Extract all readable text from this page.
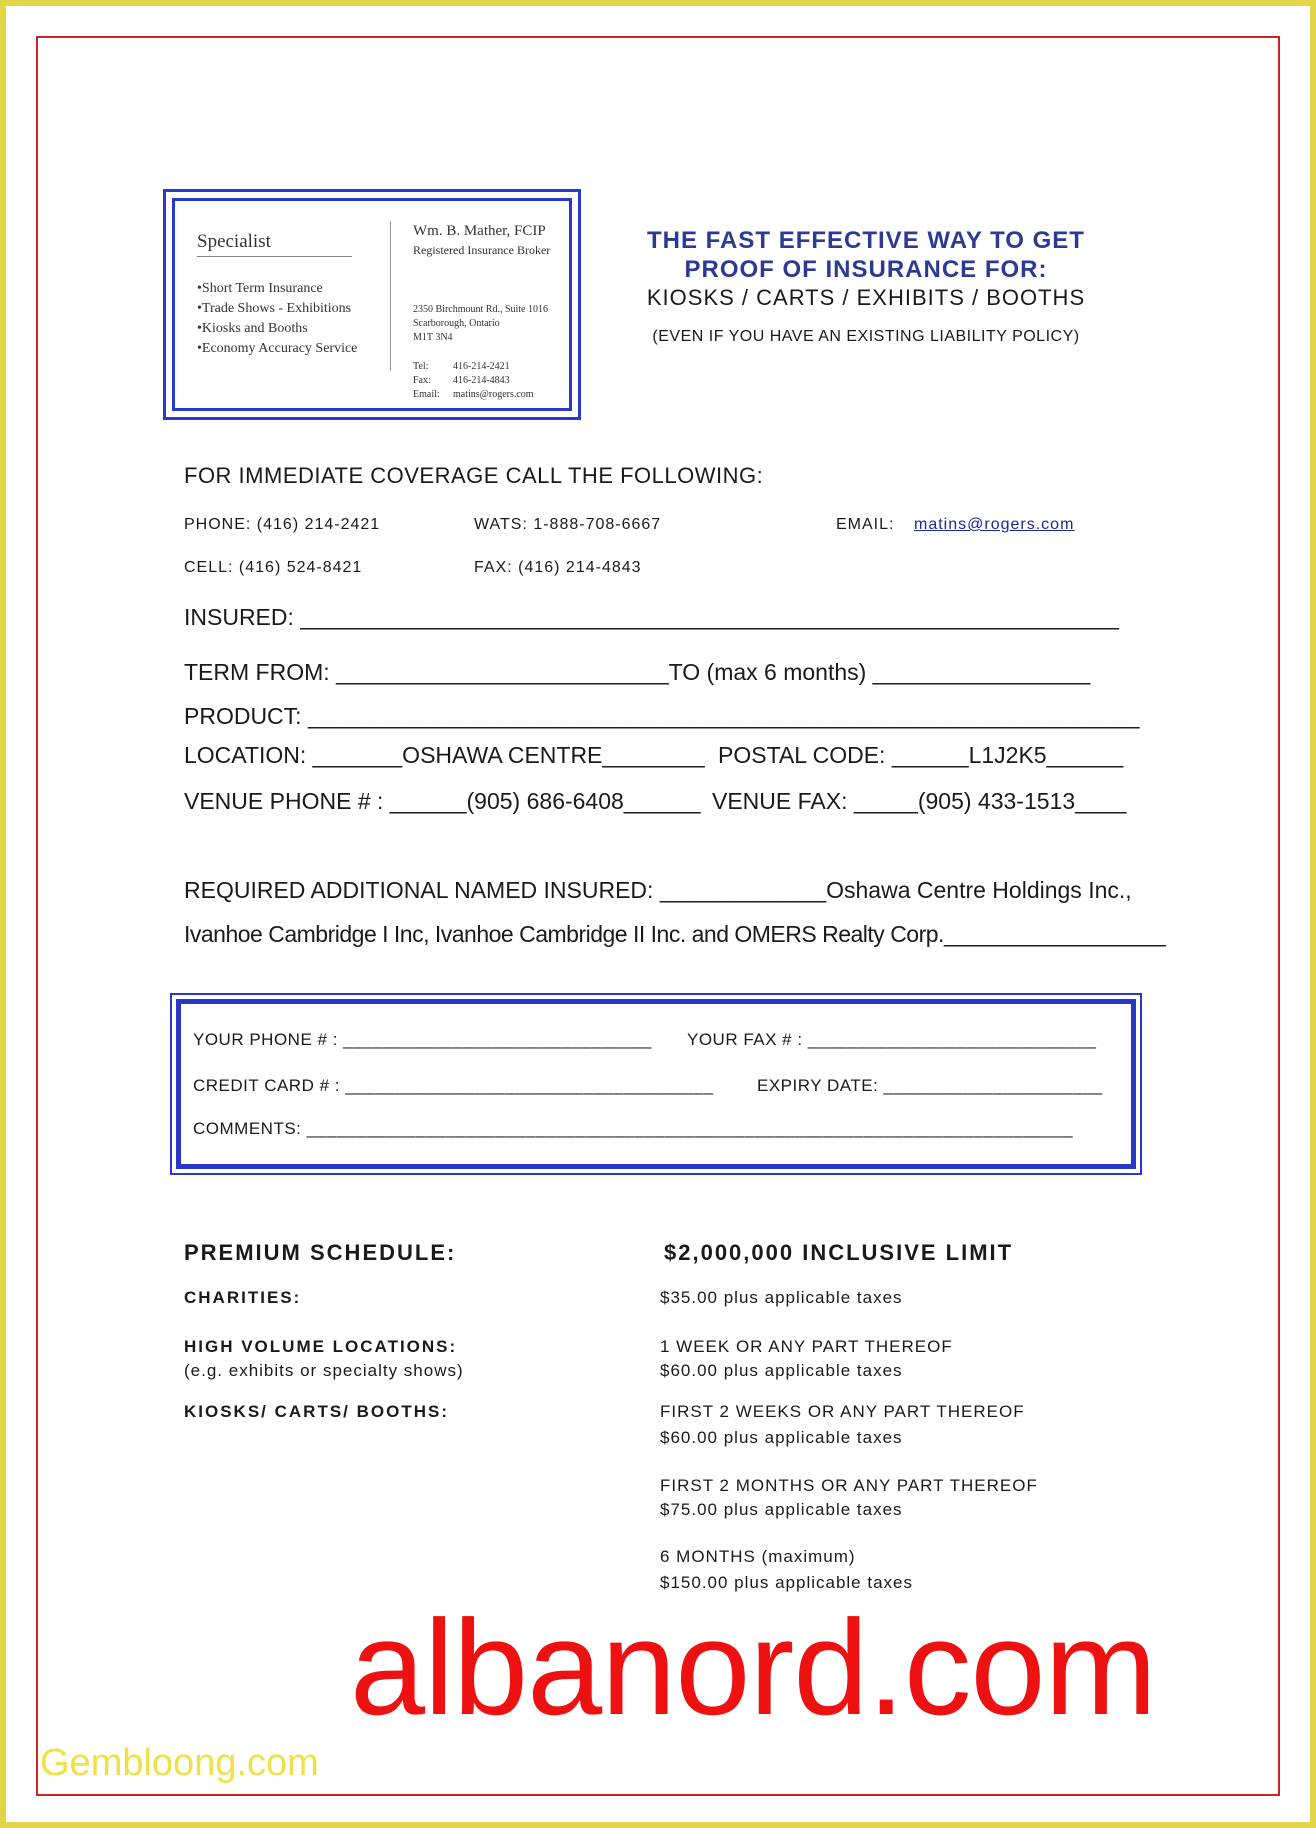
Specialist
•Short Term Insurance
•Trade Shows - Exhibitions
•Kiosks and Booths
•Economy Accuracy Service
Wm. B. Mather, FCIP
Registered Insurance Broker
2350 Birchmount Rd., Suite 1016
Scarborough, Ontario
M1T 3N4
Tel: 416-214-2421
Fax: 416-214-4843
Email: matins@rogers.com
THE FAST EFFECTIVE WAY TO GET
PROOF OF INSURANCE FOR:
KIOSKS / CARTS / EXHIBITS / BOOTHS
(EVEN IF YOU HAVE AN EXISTING LIABILITY POLICY)
FOR IMMEDIATE COVERAGE CALL THE FOLLOWING:
PHONE: (416) 214-2421	WATS: 1-888-708-6667	EMAIL: matins@rogers.com
CELL: (416) 524-8421	FAX: (416) 214-4843
INSURED: ________________________________________________________________
TERM FROM: __________________________TO (max 6 months) _________________
PRODUCT: _________________________________________________________________
LOCATION: _______OSHAWA CENTRE________ POSTAL CODE: ______L1J2K5______
VENUE PHONE # : ______(905) 686-6408______ VENUE FAX: _____(905) 433-1513____
REQUIRED ADDITIONAL NAMED INSURED: _____________Oshawa Centre Holdings Inc.,
Ivanhoe Cambridge I Inc, Ivanhoe Cambridge II Inc. and OMERS Realty Corp.__________________
YOUR PHONE # : _______________________________ YOUR FAX # : _____________________________
CREDIT CARD # : _____________________________________	EXPIRY DATE: ______________________
COMMENTS: _____________________________________________________________________________
PREMIUM SCHEDULE:	$2,000,000 INCLUSIVE LIMIT
CHARITIES:	$35.00 plus applicable taxes
HIGH VOLUME LOCATIONS:
(e.g. exhibits or specialty shows)
1 WEEK OR ANY PART THEREOF
$60.00 plus applicable taxes
KIOSKS/ CARTS/ BOOTHS:	FIRST 2 WEEKS OR ANY PART THEREOF
$60.00 plus applicable taxes
FIRST 2 MONTHS OR ANY PART THEREOF
$75.00 plus applicable taxes
6 MONTHS (maximum)
$150.00 plus applicable taxes
albanord.com
Gembloong.com
